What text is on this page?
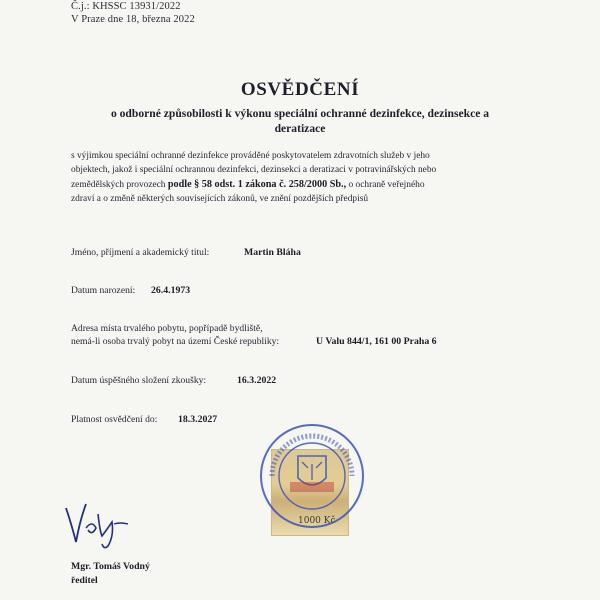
Č.j.: KHSSC 13931/2022
V Praze dne 18, března 2022
OSVĚDČENÍ
o odborné způsobilosti k výkonu speciální ochranné dezinfekce, dezinsekce a
deratizace
s výjimkou speciální ochranné dezinfekce prováděné poskytovatelem zdravotních služeb v jeho
objektech, jakož i speciální ochrannou dezinfekci, dezinsekci a deratizaci v potravinářských nebo
zemědělských provozech podle § 58 odst. 1 zákona č. 258/2000 Sb., o ochraně veřejného
zdraví a o změně některých souvisejících zákonů, ve znění pozdějších předpisů
Jméno, příjmení a akademický titul:	Martin Bláha
Datum narození: 26.4.1973
Adresa místa trvalého pobytu, popřípadě bydliště,
nemá-li osoba trvalý pobyt na území České republiky:	U Valu 844/1, 161 00 Praha 6
Datum úspěšného složení zkoušky:	16.3.2022
Platnost osvědčení do: 18.3.2027
1000 Kč
Mgr. Tomáš Vodný
ředitel
